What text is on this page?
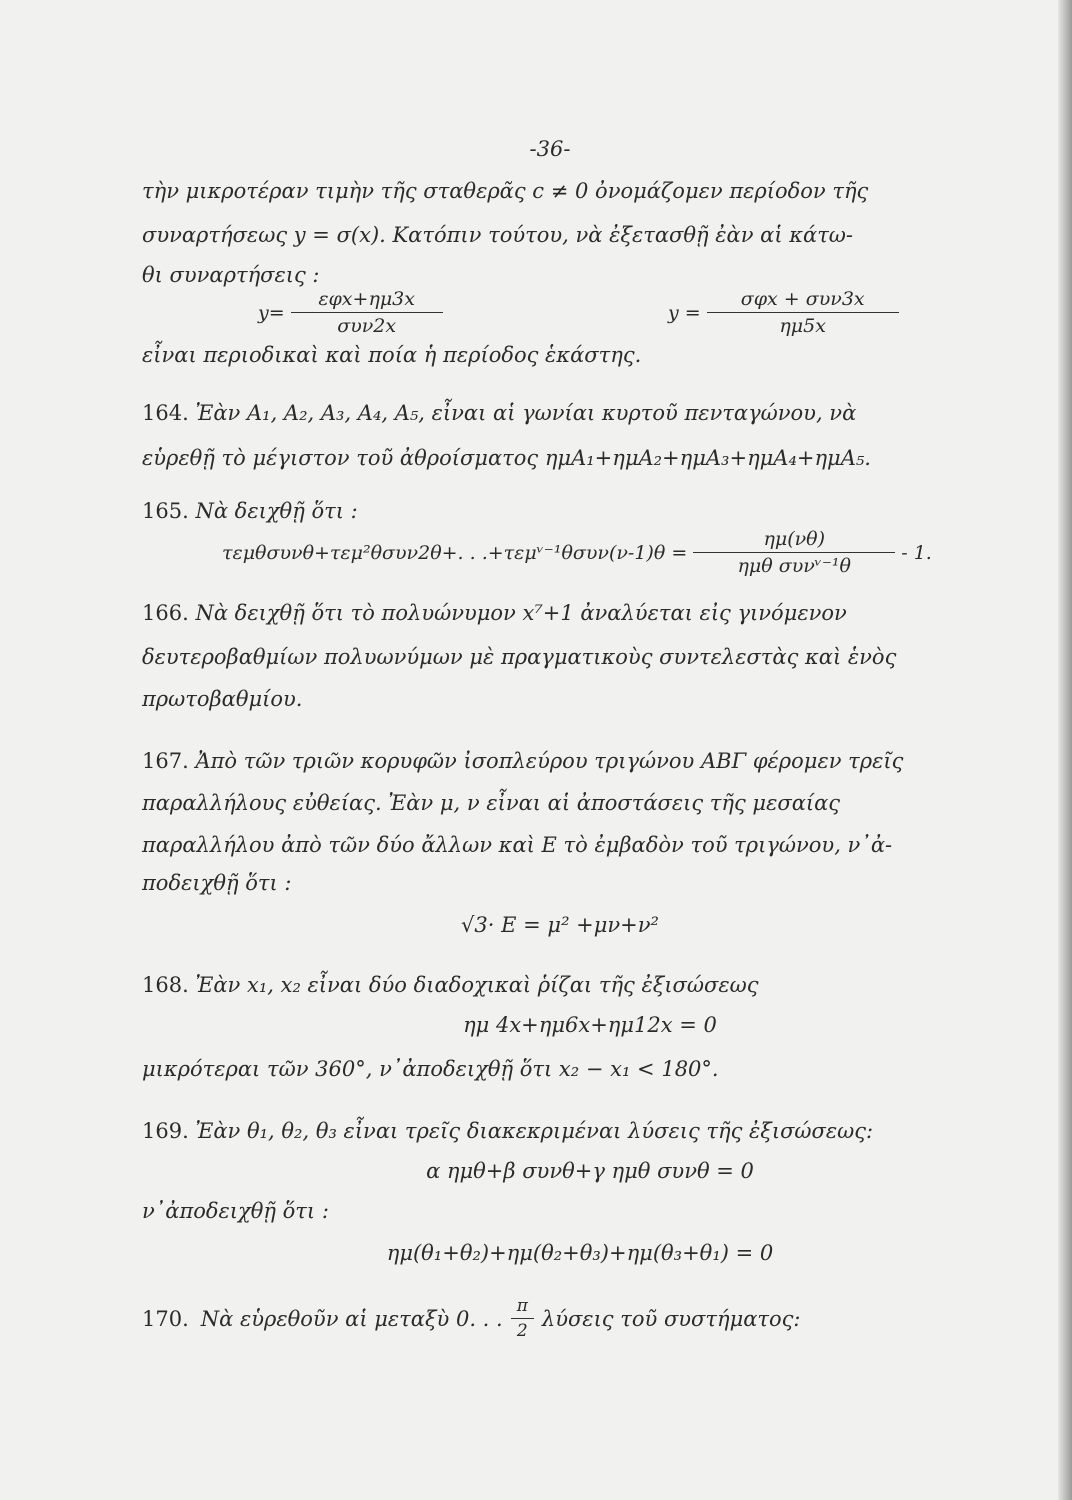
-36-
τὴν μικροτέραν τιμὴν τῆς σταθερᾶς c ≠ 0 ὀνομάζομεν περίοδον τῆς
συναρτήσεως y = σ(x). Κατόπιν τούτου, νὰ ἐξετασθῇ ἐὰν αἱ κάτω-
θι συναρτήσεις :
$y= \frac{\text{εφx+ημ3x}}{\text{συν2x}}$	$y = \frac{\text{σφx + συν3x}}{\eta\mu 5x}$
εἶναι περιοδικαὶ καὶ ποία ἡ περίοδος ἑκάστης.
164. Ἐὰν A₁, A₂, A₃, A₄, A₅, εἶναι αἱ γωνίαι κυρτοῦ πενταγώνου, νὰ
εὑρεθῇ τὸ μέγιστον τοῦ ἀθροίσματος ημA₁+ημA₂+ημA₃+ημA₄+ημA₅.
165. Νὰ δειχθῇ ὅτι :
τεμθσυνθ+τεμ²θσυν2θ+. . .+τεμᵛ⁻¹θσυν(ν-1)θ = $\frac{\eta\mu(\nu\theta)}{\text{ημθ συνᵛ⁻¹θ}} - 1$.
166. Νὰ δειχθῇ ὅτι τὸ πολυώνυμον x⁷+1 ἀναλύεται εἰς γινόμενον
δευτεροβαθμίων πολυωνύμων μὲ πραγματικοὺς συντελεστὰς καὶ ἑνὸς
πρωτοβαθμίου.
167. Ἀπὸ τῶν τριῶν κορυφῶν ἰσοπλεύρου τριγώνου ΑΒΓ φέρομεν τρεῖς
παραλλήλους εὐθείας. Ἐὰν μ, ν εἶναι αἱ ἀποστάσεις τῆς μεσαίας
παραλλήλου ἀπὸ τῶν δύο ἄλλων καὶ E τὸ ἐμβαδὸν τοῦ τριγώνου, ν᾽ἀ-
ποδειχθῇ ὅτι :
√3· E = μ² +μν+ν²
168. Ἐὰν x₁, x₂ εἶναι δύο διαδοχικαὶ ῥίζαι τῆς ἐξισώσεως
ημ 4x+ημ6x+ημ12x = 0
μικρότεραι τῶν 360°, ν᾽ἀποδειχθῇ ὅτι x₂ − x₁ < 180°.
169. Ἐὰν θ₁, θ₂, θ₃ εἶναι τρεῖς διακεκριμέναι λύσεις τῆς ἐξισώσεως:
α ημθ+β συνθ+γ ημθ συνθ = 0
ν᾽ἀποδειχθῇ ὅτι :
ημ(θ₁+θ₂)+ημ(θ₂+θ₃)+ημ(θ₃+θ₁) = 0
170. Νὰ εὑρεθοῦν αἱ μεταξὺ 0. . . $\frac{\pi}{2}$ λύσεις τοῦ συστήματος:
